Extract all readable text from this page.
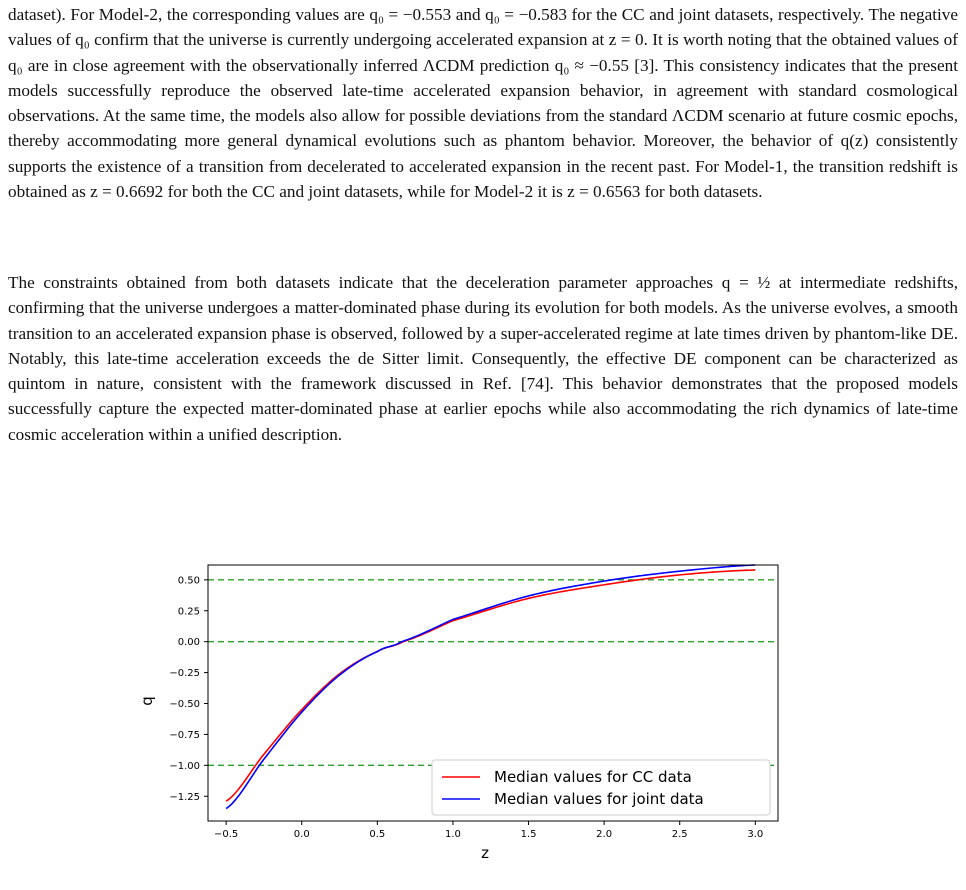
dataset). For Model-2, the corresponding values are q₀ = −0.553 and q₀ = −0.583 for the CC and joint datasets, respectively. The negative values of q₀ confirm that the universe is currently undergoing accelerated expansion at z = 0. It is worth noting that the obtained values of q₀ are in close agreement with the observationally inferred ΛCDM prediction q₀ ≈ −0.55 [3]. This consistency indicates that the present models successfully reproduce the observed late-time accelerated expansion behavior, in agreement with standard cosmological observations. At the same time, the models also allow for possible deviations from the standard ΛCDM scenario at future cosmic epochs, thereby accommodating more general dynamical evolutions such as phantom behavior. Moreover, the behavior of q(z) consistently supports the existence of a transition from decelerated to accelerated expansion in the recent past. For Model-1, the transition redshift is obtained as z = 0.6692 for both the CC and joint datasets, while for Model-2 it is z = 0.6563 for both datasets.

The constraints obtained from both datasets indicate that the deceleration parameter approaches q = ½ at intermediate redshifts, confirming that the universe undergoes a matter-dominated phase during its evolution for both models. As the universe evolves, a smooth transition to an accelerated expansion phase is observed, followed by a super-accelerated regime at late times driven by phantom-like DE. Notably, this late-time acceleration exceeds the de Sitter limit. Consequently, the effective DE component can be characterized as quintom in nature, consistent with the framework discussed in Ref. [74]. This behavior demonstrates that the proposed models successfully capture the expected matter-dominated phase at earlier epochs while also accommodating the rich dynamics of late-time cosmic acceleration within a unified description.

−0.5	0.0	0.5	1.0	1.5	2.0	2.5	3.0
0.50
0.25
0.00
−0.25
−0.50
−0.75
−1.00
−1.25
z
q
Median values for CC data
Median values for joint data
